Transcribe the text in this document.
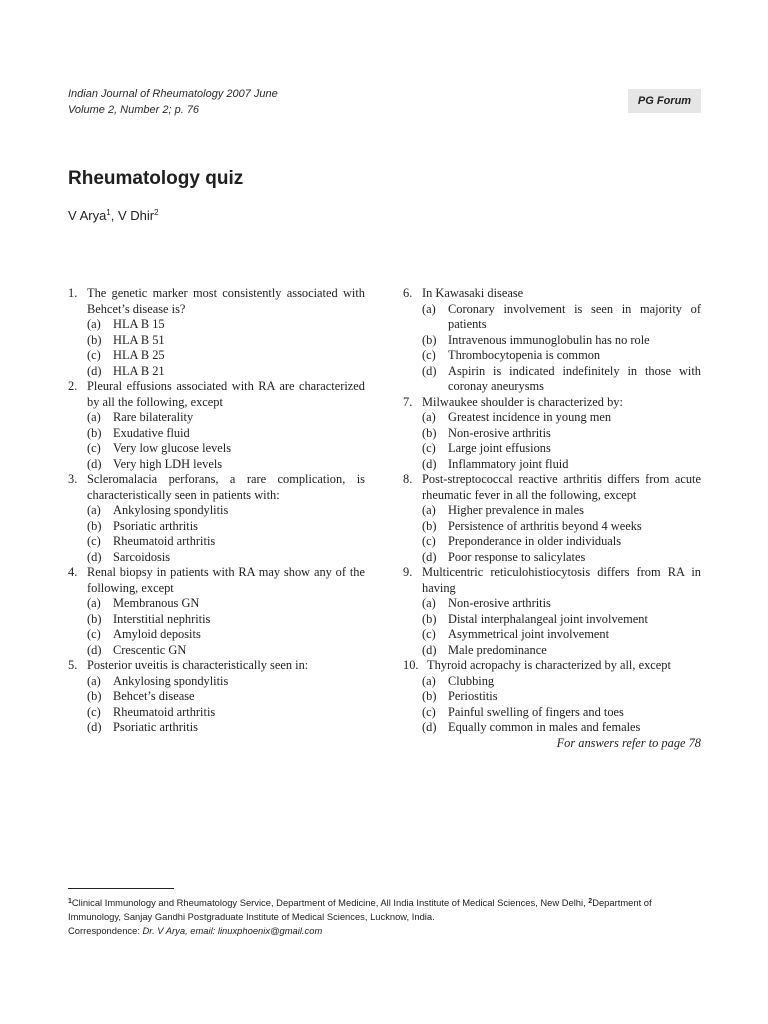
Indian Journal of Rheumatology 2007 June
Volume 2, Number 2; p. 76
PG Forum
Rheumatology quiz
V Arya$^1$, V Dhir$^2$
1. The genetic marker most consistently associated with Behcet’s disease is?
(a) HLA B 15
(b) HLA B 51
(c) HLA B 25
(d) HLA B 21
2. Pleural effusions associated with RA are characterized by all the following, except
(a) Rare bilaterality
(b) Exudative fluid
(c) Very low glucose levels
(d) Very high LDH levels
3. Scleromalacia perforans, a rare complication, is characteristically seen in patients with:
(a) Ankylosing spondylitis
(b) Psoriatic arthritis
(c) Rheumatoid arthritis
(d) Sarcoidosis
4. Renal biopsy in patients with RA may show any of the following, except
(a) Membranous GN
(b) Interstitial nephritis
(c) Amyloid deposits
(d) Crescentic GN
5. Posterior uveitis is characteristically seen in:
(a) Ankylosing spondylitis
(b) Behcet’s disease
(c) Rheumatoid arthritis
(d) Psoriatic arthritis
6. In Kawasaki disease
(a) Coronary involvement is seen in majority of patients
(b) Intravenous immunoglobulin has no role
(c) Thrombocytopenia is common
(d) Aspirin is indicated indefinitely in those with coronay aneurysms
7. Milwaukee shoulder is characterized by:
(a) Greatest incidence in young men
(b) Non-erosive arthritis
(c) Large joint effusions
(d) Inflammatory joint fluid
8. Post-streptococcal reactive arthritis differs from acute rheumatic fever in all the following, except
(a) Higher prevalence in males
(b) Persistence of arthritis beyond 4 weeks
(c) Preponderance in older individuals
(d) Poor response to salicylates
9. Multicentric reticulohistiocytosis differs from RA in having
(a) Non-erosive arthritis
(b) Distal interphalangeal joint involvement
(c) Asymmetrical joint involvement
(d) Male predominance
10. Thyroid acropachy is characterized by all, except
(a) Clubbing
(b) Periostitis
(c) Painful swelling of fingers and toes
(d) Equally common in males and females
For answers refer to page 78
$^1$Clinical Immunology and Rheumatology Service, Department of Medicine, All India Institute of Medical Sciences, New Delhi, $^2$Department of Immunology, Sanjay Gandhi Postgraduate Institute of Medical Sciences, Lucknow, India.
Correspondence: Dr. V Arya, email: linuxphoenix@gmail.com
